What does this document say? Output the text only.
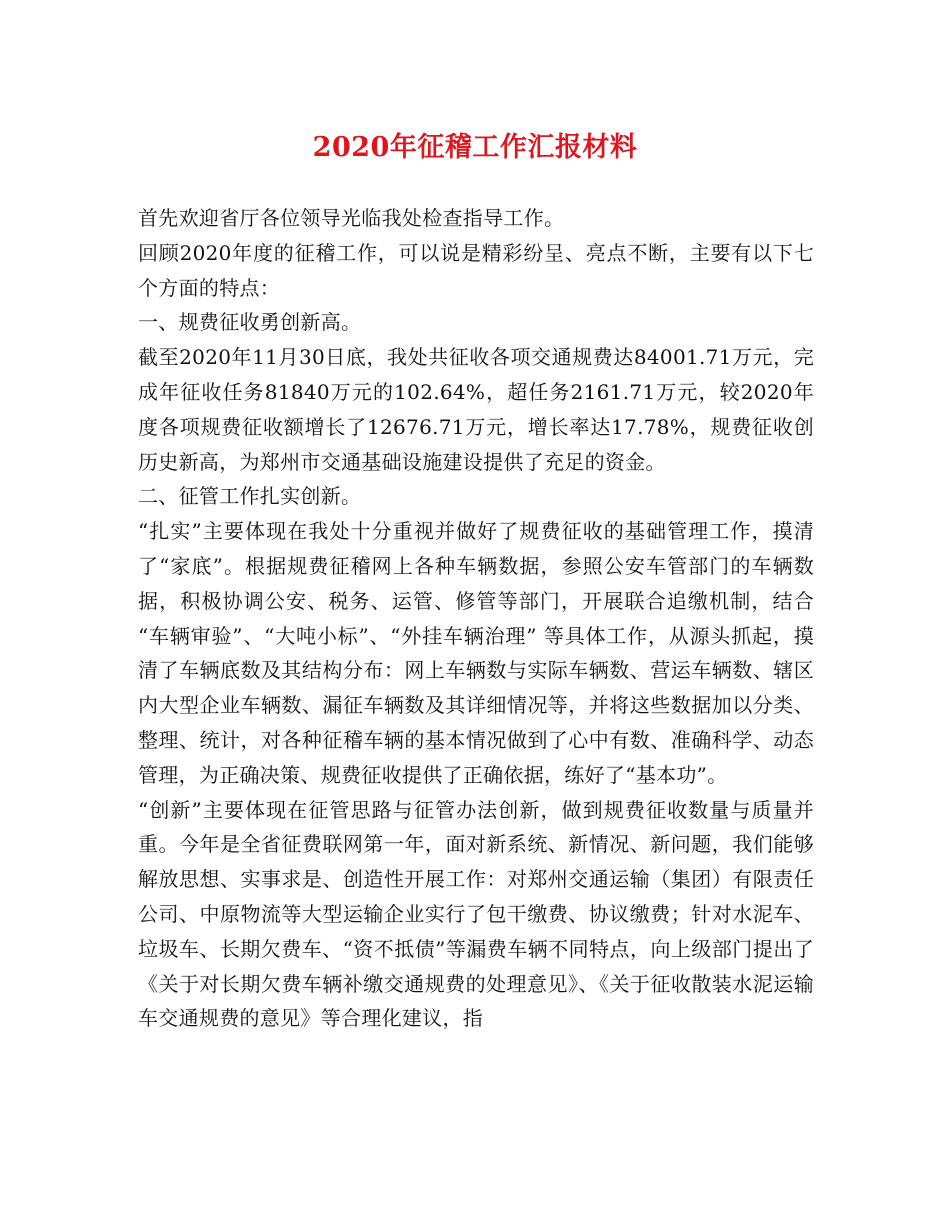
2020年征稽工作汇报材料

首先欢迎省厅各位领导光临我处检查指导工作。

回顾2020年度的征稽工作，可以说是精彩纷呈、亮点不断，主要有以下七个方面的特点：

一、规费征收勇创新高。

截至2020年11月30日底，我处共征收各项交通规费达84001.71万元，完成年征收任务81840万元的102.64%，超任务2161.71万元，较2020年度各项规费征收额增长了12676.71万元，增长率达17.78%，规费征收创历史新高，为郑州市交通基础设施建设提供了充足的资金。

二、征管工作扎实创新。

“扎实”主要体现在我处十分重视并做好了规费征收的基础管理工作，摸清了“家底”。根据规费征稽网上各种车辆数据，参照公安车管部门的车辆数据，积极协调公安、税务、运管、修管等部门，开展联合追缴机制，结合 “车辆审验”、“大吨小标”、“外挂车辆治理” 等具体工作，从源头抓起，摸清了车辆底数及其结构分布：网上车辆数与实际车辆数、营运车辆数、辖区内大型企业车辆数、漏征车辆数及其详细情况等，并将这些数据加以分类、整理、统计，对各种征稽车辆的基本情况做到了心中有数、准确科学、动态管理，为正确决策、规费征收提供了正确依据，练好了“基本功”。

“创新”主要体现在征管思路与征管办法创新，做到规费征收数量与质量并重。今年是全省征费联网第一年，面对新系统、新情况、新问题，我们能够解放思想、实事求是、创造性开展工作：对郑州交通运输（集团）有限责任公司、中原物流等大型运输企业实行了包干缴费、协议缴费；针对水泥车、垃圾车、长期欠费车、“资不抵债”等漏费车辆不同特点，向上级部门提出了《关于对长期欠费车辆补缴交通规费的处理意见》、《关于征收散装水泥运输车交通规费的意见》等合理化建议，指
